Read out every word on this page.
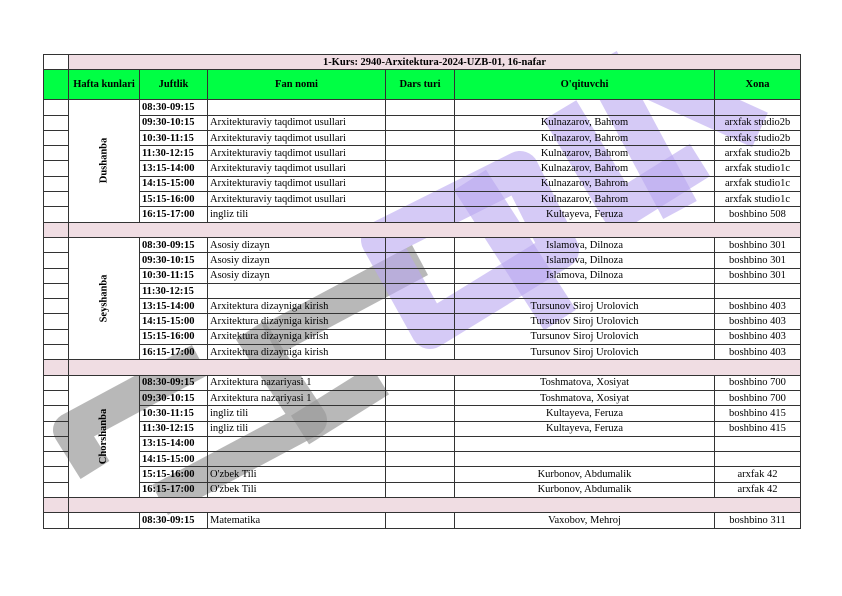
	1-Kurs: 2940-Arxitektura-2024-UZB-01, 16-nafar					
	Hafta kunlari	Juftlik	Fan nomi	Dars turi	O'qituvchi	Xona
	Dushanba	08:30-09:15				
		09:30-10:15	Arxitekturaviy taqdimot usullari		Kulnazarov, Bahrom	arxfak studio2b
		10:30-11:15	Arxitekturaviy taqdimot usullari		Kulnazarov, Bahrom	arxfak studio2b
		11:30-12:15	Arxitekturaviy taqdimot usullari		Kulnazarov, Bahrom	arxfak studio2b
		13:15-14:00	Arxitekturaviy taqdimot usullari		Kulnazarov, Bahrom	arxfak studio1c
		14:15-15:00	Arxitekturaviy taqdimot usullari		Kulnazarov, Bahrom	arxfak studio1c
		15:15-16:00	Arxitekturaviy taqdimot usullari		Kulnazarov, Bahrom	arxfak studio1c
		16:15-17:00	ingliz tili		Kultayeva, Feruza	boshbino 508

	Seyshanba	08:30-09:15	Asosiy dizayn		Islamova, Dilnoza	boshbino 301
		09:30-10:15	Asosiy dizayn		Islamova, Dilnoza	boshbino 301
		10:30-11:15	Asosiy dizayn		Islamova, Dilnoza	boshbino 301
		11:30-12:15				
		13:15-14:00	Arxitektura dizayniga kirish		Tursunov Siroj Urolovich	boshbino 403
		14:15-15:00	Arxitektura dizayniga kirish		Tursunov Siroj Urolovich	boshbino 403
		15:15-16:00	Arxitektura dizayniga kirish		Tursunov Siroj Urolovich	boshbino 403
		16:15-17:00	Arxitektura dizayniga kirish		Tursunov Siroj Urolovich	boshbino 403

	Chorshanba	08:30-09:15	Arxitektura nazariyasi 1		Toshmatova, Xosiyat	boshbino 700
		09:30-10:15	Arxitektura nazariyasi 1		Toshmatova, Xosiyat	boshbino 700
		10:30-11:15	ingliz tili		Kultayeva, Feruza	boshbino 415
		11:30-12:15	ingliz tili		Kultayeva, Feruza	boshbino 415
		13:15-14:00				
		14:15-15:00				
		15:15-16:00	O'zbek Tili		Kurbonov, Abdumalik	arxfak 42
		16:15-17:00	O'zbek Tili		Kurbonov, Abdumalik	arxfak 42

		08:30-09:15	Matematika		Vaxobov, Mehroj	boshbino 311
